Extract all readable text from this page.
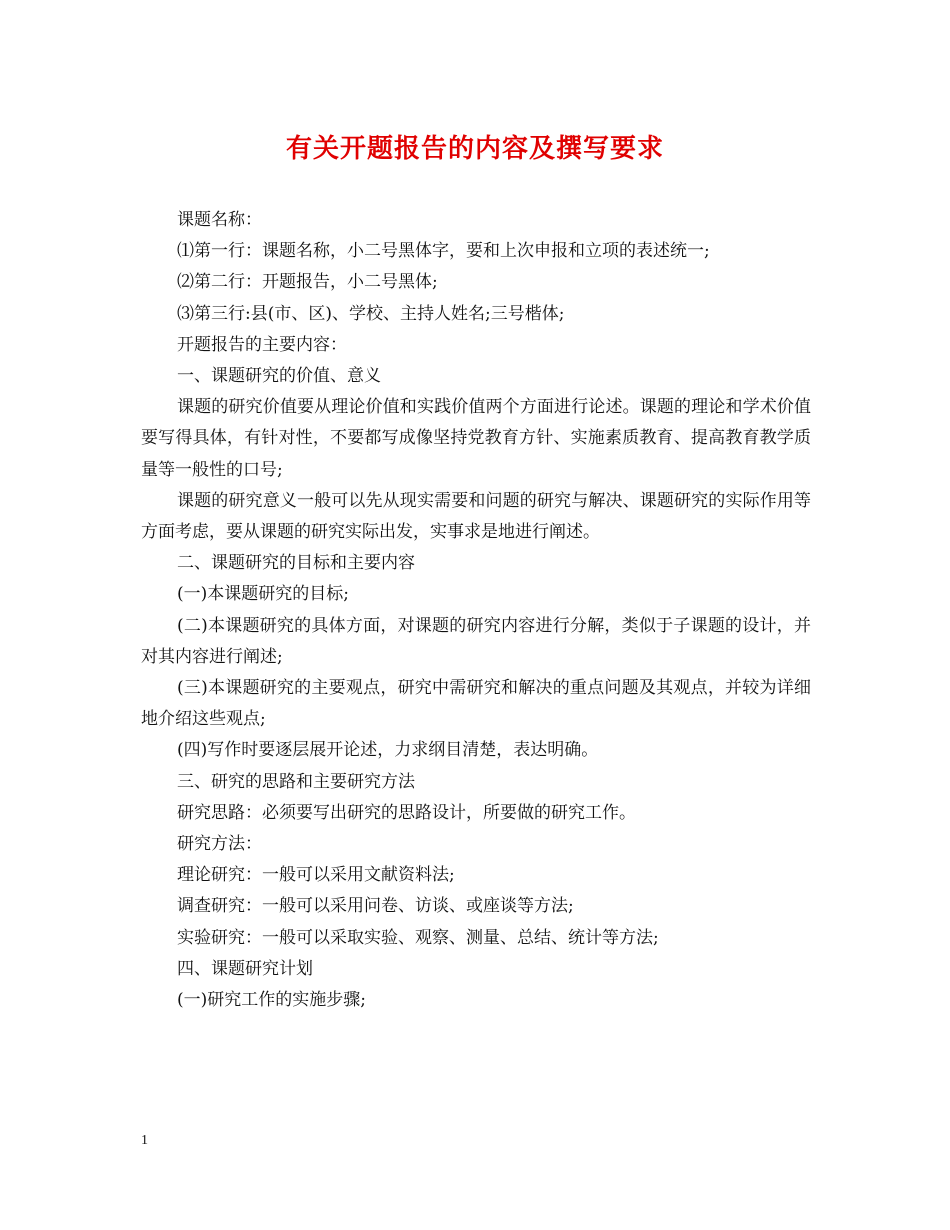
有关开题报告的内容及撰写要求

课题名称：

⑴第一行：课题名称，小二号黑体字，要和上次申报和立项的表述统一;

⑵第二行：开题报告，小二号黑体;

⑶第三行:县(市、区)、学校、主持人姓名;三号楷体;

开题报告的主要内容：

一、课题研究的价值、意义

课题的研究价值要从理论价值和实践价值两个方面进行论述。课题的理论和学术价值要写得具体，有针对性，不要都写成像坚持党教育方针、实施素质教育、提高教育教学质量等一般性的口号;

课题的研究意义一般可以先从现实需要和问题的研究与解决、课题研究的实际作用等方面考虑，要从课题的研究实际出发，实事求是地进行阐述。

二、课题研究的目标和主要内容

(一)本课题研究的目标;

(二)本课题研究的具体方面，对课题的研究内容进行分解，类似于子课题的设计，并对其内容进行阐述;

(三)本课题研究的主要观点，研究中需研究和解决的重点问题及其观点，并较为详细地介绍这些观点;

(四)写作时要逐层展开论述，力求纲目清楚，表达明确。

三、研究的思路和主要研究方法

研究思路：必须要写出研究的思路设计，所要做的研究工作。

研究方法：

理论研究：一般可以采用文献资料法;

调查研究：一般可以采用问卷、访谈、或座谈等方法;

实验研究：一般可以采取实验、观察、测量、总结、统计等方法;

四、课题研究计划

(一)研究工作的实施步骤;

1
